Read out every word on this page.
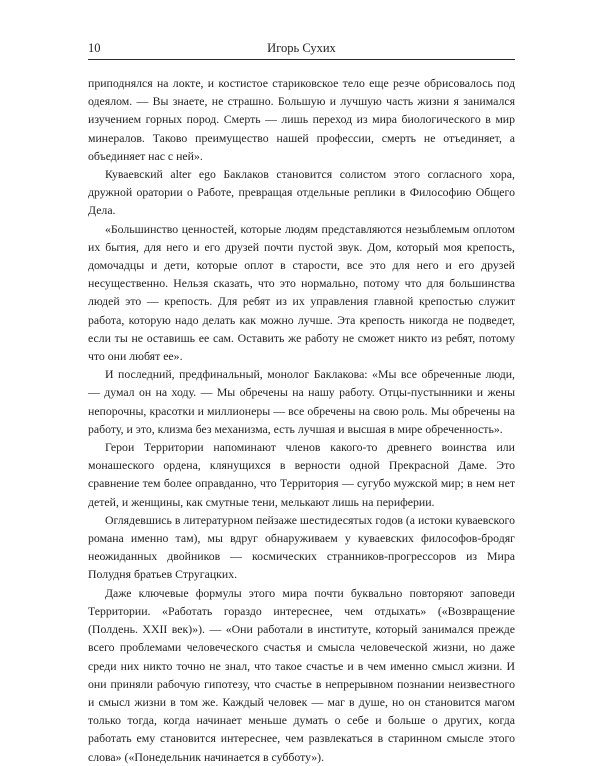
10	Игорь Сухих

приподнялся на локте, и костистое стариковское тело еще резче обрисовалось под одеялом. — Вы знаете, не страшно. Большую и лучшую часть жизни я занимался изучением горных пород. Смерть — лишь переход из мира биологического в мир минералов. Таково преимущество нашей профессии, смерть не отъединяет, а объединяет нас с ней».

Куваевский alter ego Баклаков становится солистом этого согласного хора, дружной оратории о Работе, превращая отдельные реплики в Философию Общего Дела.

«Большинство ценностей, которые людям представляются незыблемым оплотом их бытия, для него и его друзей почти пустой звук. Дом, который моя крепость, домочадцы и дети, которые оплот в старости, все это для него и его друзей несущественно. Нельзя сказать, что это нормально, потому что для большинства людей это — крепость. Для ребят из их управления главной крепостью служит работа, которую надо делать как можно лучше. Эта крепость никогда не подведет, если ты не оставишь ее сам. Оставить же работу не сможет никто из ребят, потому что они любят ее».

И последний, предфинальный, монолог Баклакова: «Мы все обреченные люди, — думал он на ходу. — Мы обречены на нашу работу. Отцы-пустынники и жены непорочны, красотки и миллионеры — все обречены на свою роль. Мы обречены на работу, и это, клизма без механизма, есть лучшая и высшая в мире обреченность».

Герои Территории напоминают членов какого-то древнего воинства или монашеского ордена, клянущихся в верности одной Прекрасной Даме. Это сравнение тем более оправданно, что Территория — сугубо мужской мир; в нем нет детей, и женщины, как смутные тени, мелькают лишь на периферии.

Оглядевшись в литературном пейзаже шестидесятых годов (а истоки куваевского романа именно там), мы вдруг обнаруживаем у куваевских философов-бродяг неожиданных двойников — космических странников-прогрессоров из Мира Полудня братьев Стругацких.

Даже ключевые формулы этого мира почти буквально повторяют заповеди Территории. «Работать гораздо интереснее, чем отдыхать» («Возвращение (Полдень. XXII век)»). — «Они работали в институте, который занимался прежде всего проблемами человеческого счастья и смысла человеческой жизни, но даже среди них никто точно не знал, что такое счастье и в чем именно смысл жизни. И они приняли рабочую гипотезу, что счастье в непрерывном познании неизвестного и смысл жизни в том же. Каждый человек — маг в душе, но он становится магом только тогда, когда начинает меньше думать о себе и больше о других, когда работать ему становится интереснее, чем развлекаться в старинном смысле этого слова» («Понедельник начинается в субботу»).
